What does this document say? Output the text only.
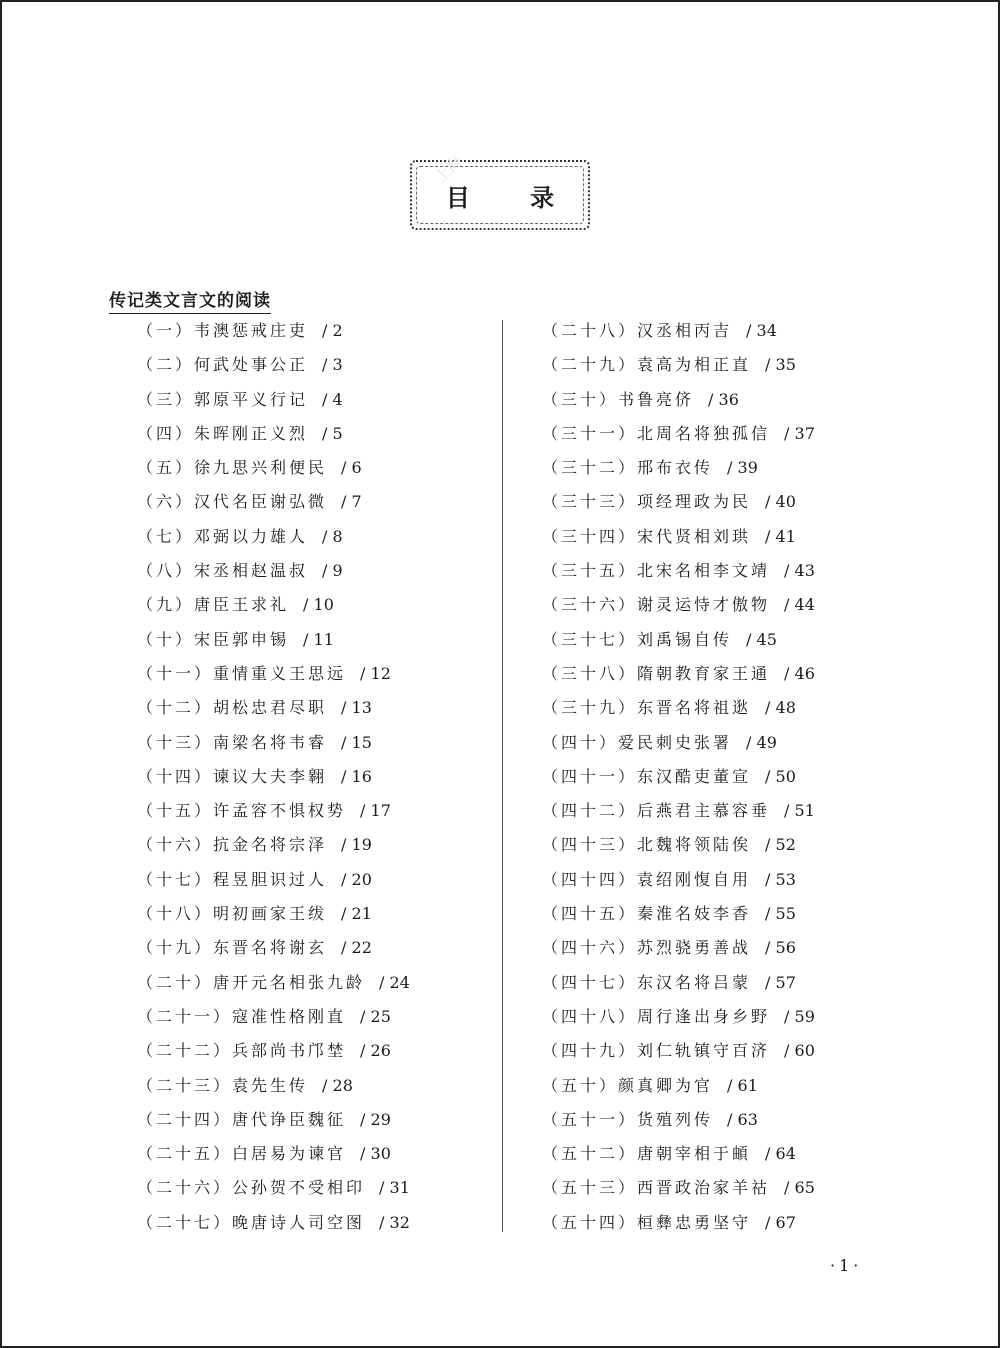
目 录
上海
传记类文言文的阅读
（一）韦澳惩戒庄吏 / 2
（二）何武处事公正 / 3
（三）郭原平义行记 / 4
（四）朱晖刚正义烈 / 5
（五）徐九思兴利便民 / 6
（六）汉代名臣谢弘微 / 7
（七）邓弼以力雄人 / 8
（八）宋丞相赵温叔 / 9
（九）唐臣王求礼 / 10
（十）宋臣郭申锡 / 11
（十一）重情重义王思远 / 12
（十二）胡松忠君尽职 / 13
（十三）南梁名将韦睿 / 15
（十四）谏议大夫李翱 / 16
（十五）许孟容不惧权势 / 17
（十六）抗金名将宗泽 / 19
（十七）程昱胆识过人 / 20
（十八）明初画家王绂 / 21
（十九）东晋名将谢玄 / 22
（二十）唐开元名相张九龄 / 24
（二十一）寇准性格刚直 / 25
（二十二）兵部尚书邝埜 / 26
（二十三）袁先生传 / 28
（二十四）唐代诤臣魏征 / 29
（二十五）白居易为谏官 / 30
（二十六）公孙贺不受相印 / 31
（二十七）晚唐诗人司空图 / 32
（二十八）汉丞相丙吉 / 34
（二十九）袁高为相正直 / 35
（三十）书鲁亮侪 / 36
（三十一）北周名将独孤信 / 37
（三十二）邢布衣传 / 39
（三十三）项经理政为民 / 40
（三十四）宋代贤相刘珙 / 41
（三十五）北宋名相李文靖 / 43
（三十六）谢灵运恃才傲物 / 44
（三十七）刘禹锡自传 / 45
（三十八）隋朝教育家王通 / 46
（三十九）东晋名将祖逖 / 48
（四十）爱民刺史张署 / 49
（四十一）东汉酷吏董宣 / 50
（四十二）后燕君主慕容垂 / 51
（四十三）北魏将领陆俟 / 52
（四十四）袁绍刚愎自用 / 53
（四十五）秦淮名妓李香 / 55
（四十六）苏烈骁勇善战 / 56
（四十七）东汉名将吕蒙 / 57
（四十八）周行逢出身乡野 / 59
（四十九）刘仁轨镇守百济 / 60
（五十）颜真卿为官 / 61
（五十一）货殖列传 / 63
（五十二）唐朝宰相于頔 / 64
（五十三）西晋政治家羊祜 / 65
（五十四）桓彝忠勇坚守 / 67
·1·
